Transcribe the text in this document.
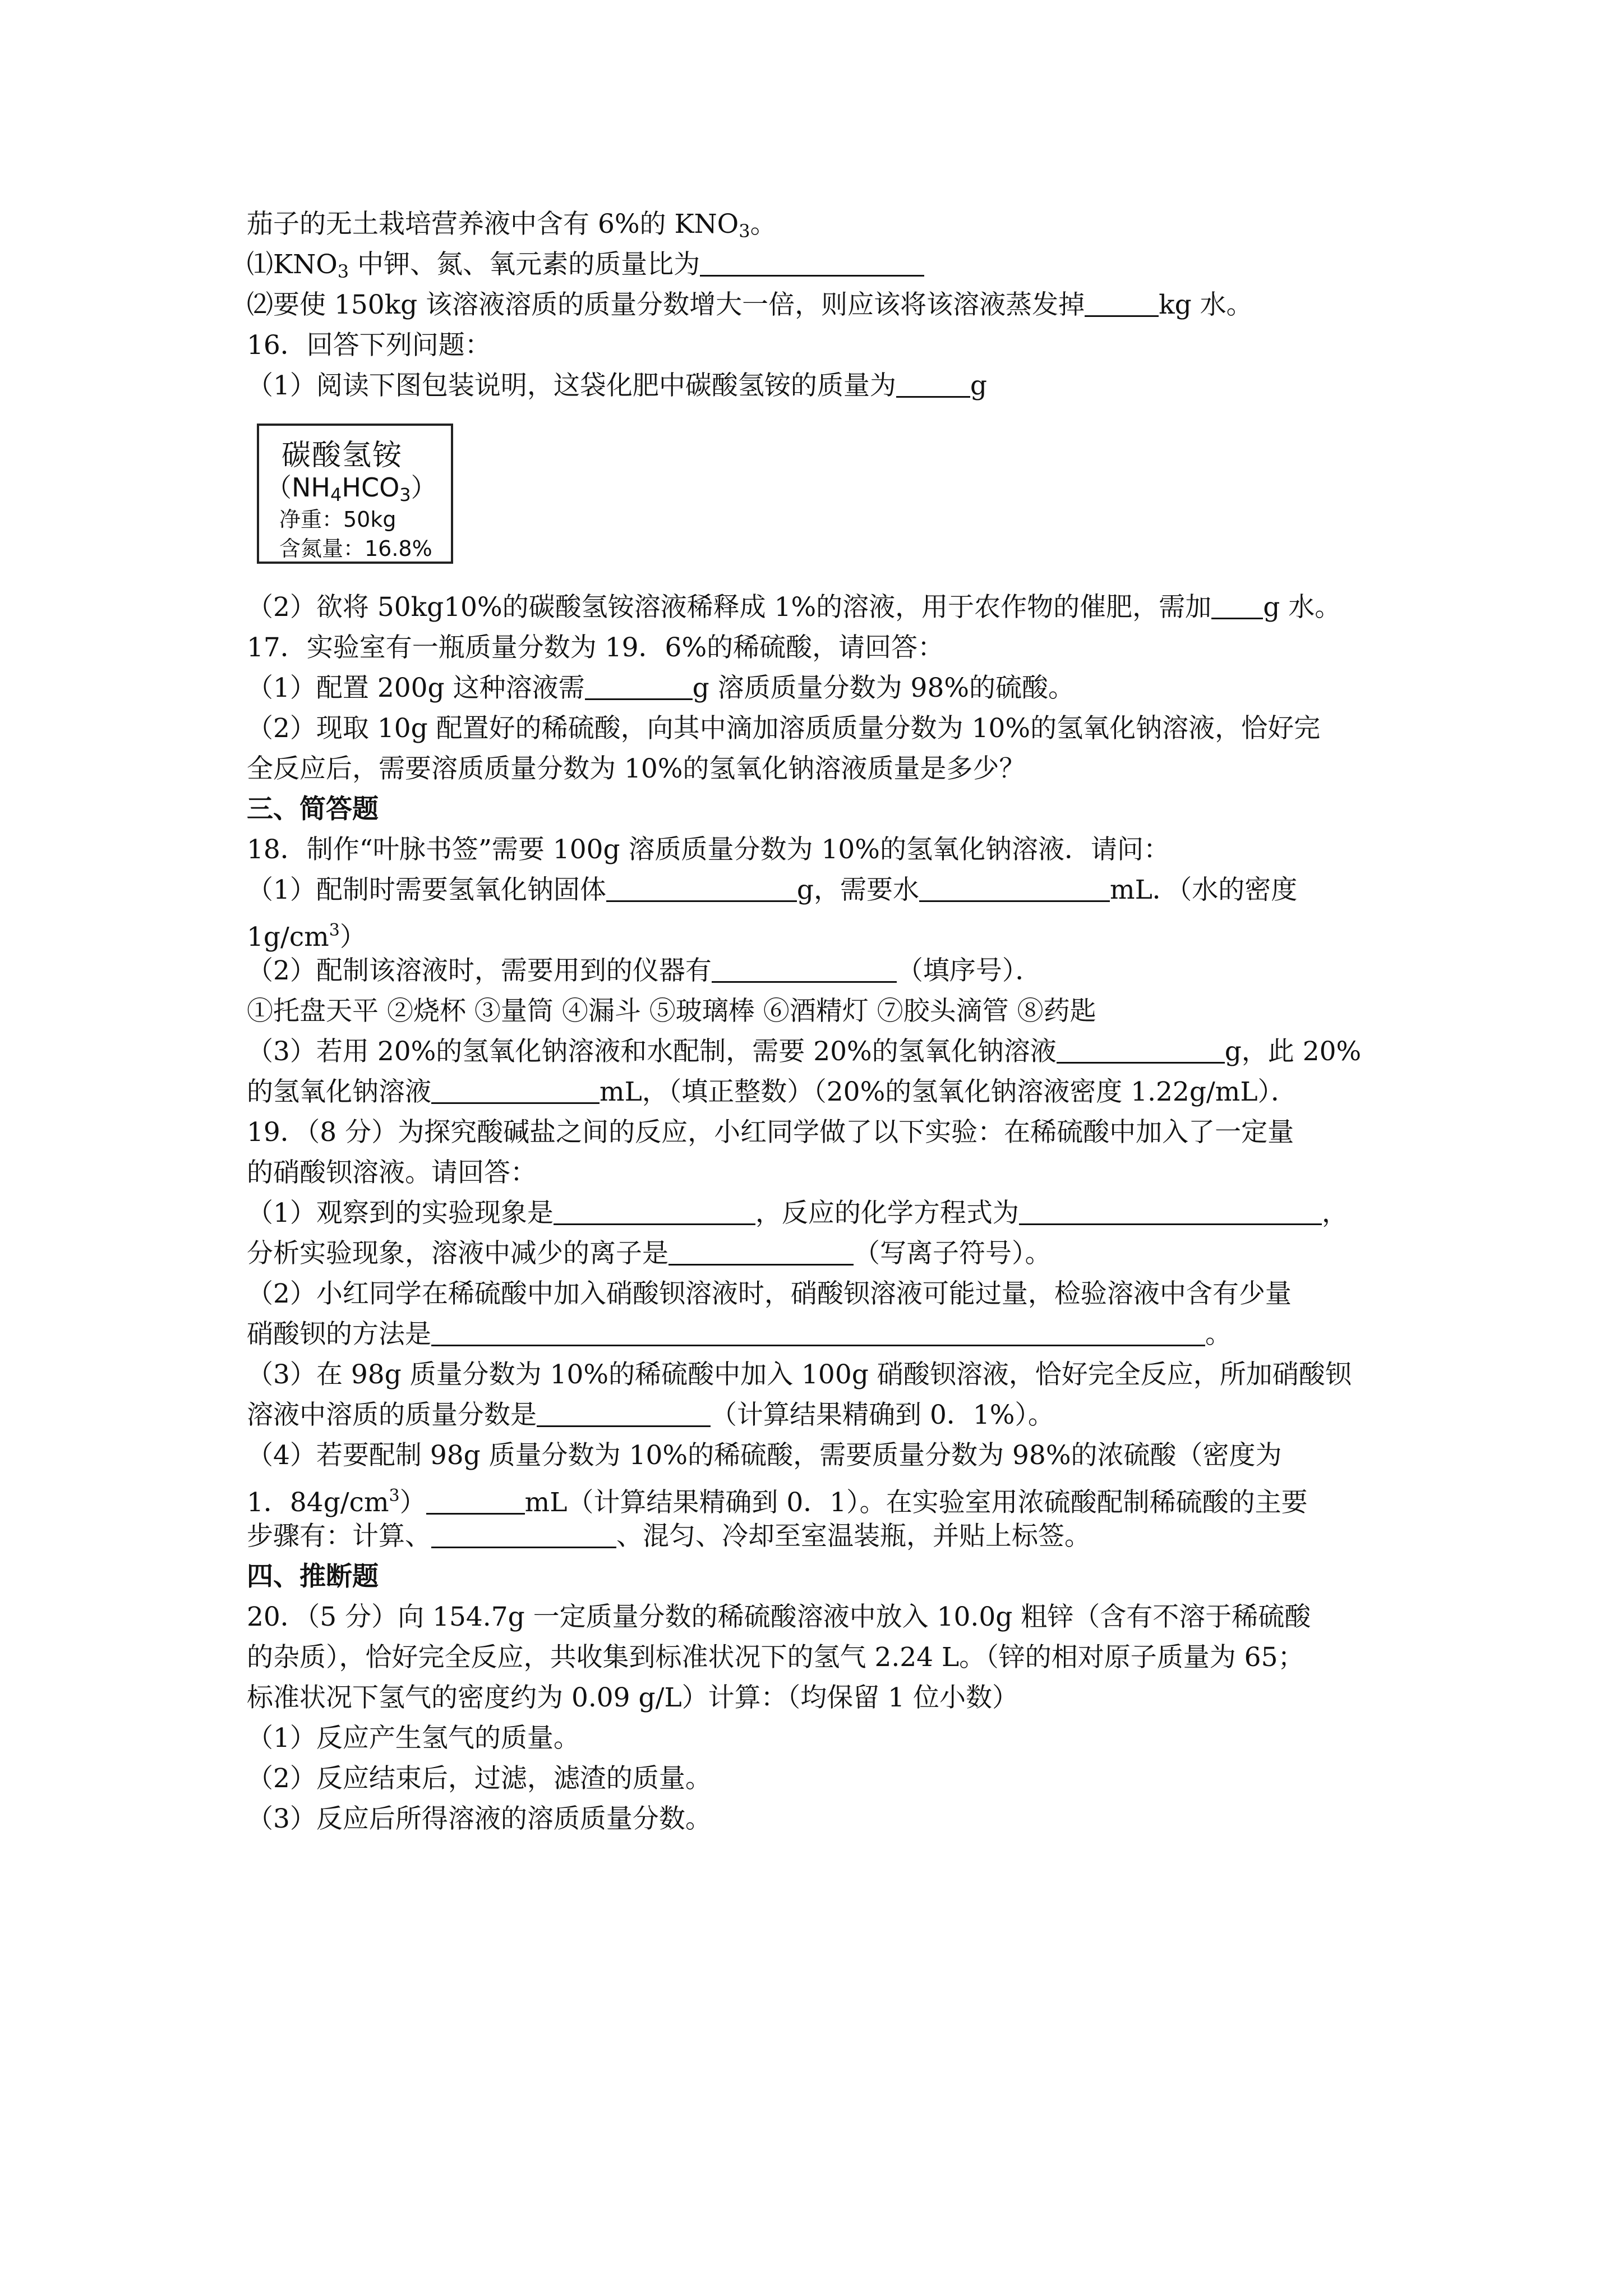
茄子的无土栽培营养液中含有 6%的 $KNO_3$。
$⑴KNO_3$ 中钾、氮、氧元素的质量比为
⑵要使 150kg 该溶液溶质的质量分数增大一倍，则应该将该溶液蒸发掉	kg 水。
16．回答下列问题：
（1）阅读下图包装说明，这袋化肥中碳酸氢铵的质量为	g
碳酸氢铵
$(NH_4HCO_3)$
净重：50kg
含氮量：16.8%
（2）欲将 50kg10%的碳酸氢铵溶液稀释成 1%的溶液，用于农作物的催肥，需加 g 水。
17．实验室有一瓶质量分数为 19．6%的稀硫酸，请回答：
（1）配置 200g 这种溶液需	g 溶质质量分数为 98%的硫酸。
（2）现取 10g 配置好的稀硫酸，向其中滴加溶质质量分数为 10%的氢氧化钠溶液，恰好完
全反应后，需要溶质质量分数为 10%的氢氧化钠溶液质量是多少？
三、简答题
18．制作“叶脉书签”需要 100g 溶质质量分数为 10%的氢氧化钠溶液．请问：
（1）配制时需要氢氧化钠固体	g，需要水	mL．（水的密度
$1g/cm^3$）
（2）配制该溶液时，需要用到的仪器有	（填序号）．
①托盘天平 ②烧杯 ③量筒 ④漏斗 ⑤玻璃棒 ⑥酒精灯 ⑦胶头滴管 ⑧药匙
（3）若用 20%的氢氧化钠溶液和水配制，需要 20%的氢氧化钠溶液	g，此 20%
的氢氧化钠溶液	mL，（填正整数）（20%的氢氧化钠溶液密度 1.22g/mL）．
19．（8 分）为探究酸碱盐之间的反应，小红同学做了以下实验：在稀硫酸中加入了一定量
的硝酸钡溶液。请回答：
（1）观察到的实验现象是	，反应的化学方程式为	，
分析实验现象，溶液中减少的离子是	（写离子符号）。
（2）小红同学在稀硫酸中加入硝酸钡溶液时，硝酸钡溶液可能过量，检验溶液中含有少量
硝酸钡的方法是	。
（3）在 98g 质量分数为 10%的稀硫酸中加入 100g 硝酸钡溶液，恰好完全反应，所加硝酸钡
溶液中溶质的质量分数是	（计算结果精确到 0．1%）。
（4）若要配制 98g 质量分数为 10%的稀硫酸，需要质量分数为 98%的浓硫酸（密度为
1．$84g/cm^3$）	mL（计算结果精确到 0．1）。在实验室用浓硫酸配制稀硫酸的主要
步骤有：计算、	、混匀、冷却至室温装瓶，并贴上标签。
四、推断题
20．（5 分）向 154.7g 一定质量分数的稀硫酸溶液中放入 10.0g 粗锌（含有不溶于稀硫酸
的杂质），恰好完全反应，共收集到标准状况下的氢气 2.24 L。（锌的相对原子质量为 65；
标准状况下氢气的密度约为 0.09 g/L）计算：（均保留 1 位小数）
（1）反应产生氢气的质量。
（2）反应结束后，过滤，滤渣的质量。
（3）反应后所得溶液的溶质质量分数。
